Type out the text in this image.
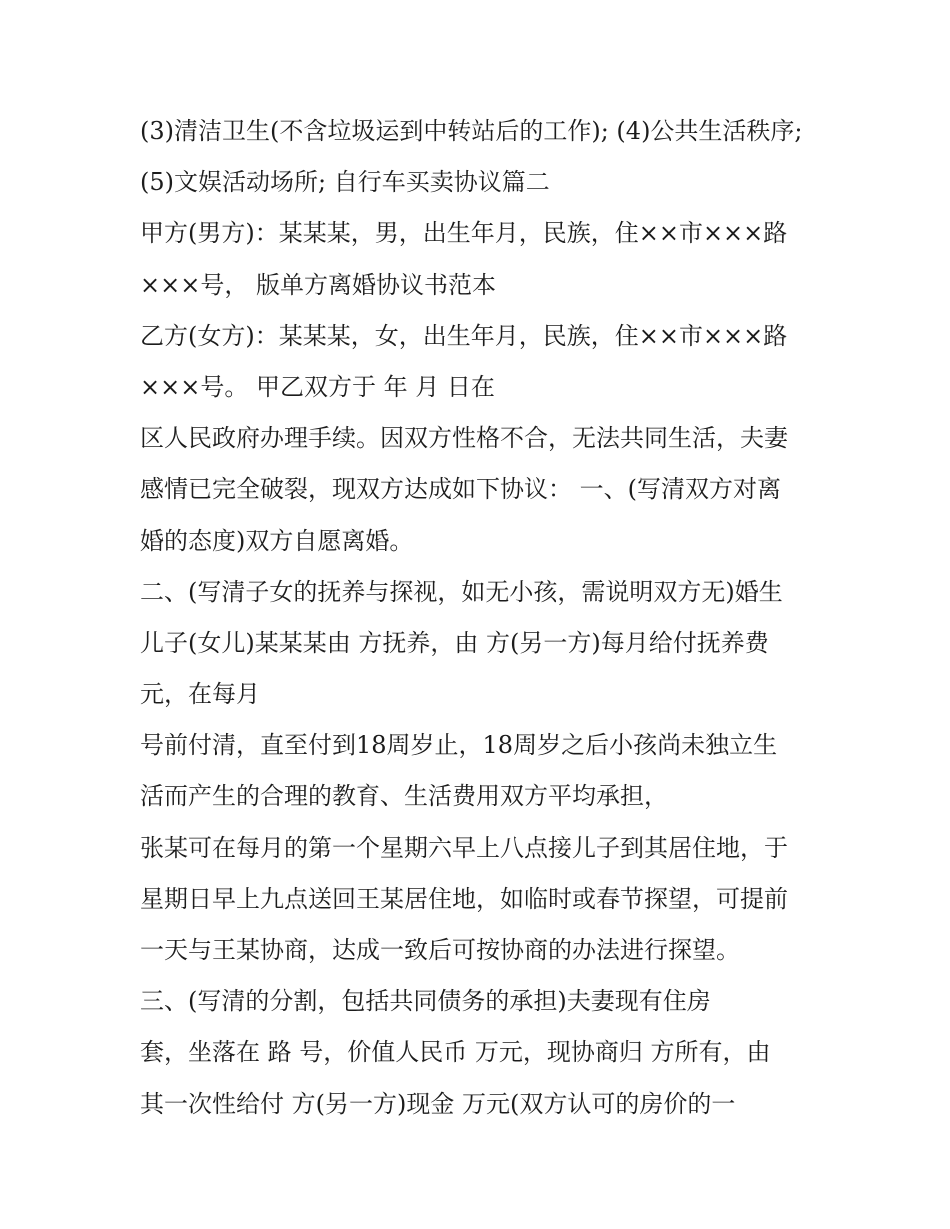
(3)清洁卫生(不含垃圾运到中转站后的工作); (4)公共生活秩序;
(5)文娱活动场所; 自行车买卖协议篇二
甲方(男方)：某某某，男，出生年月，民族，住××市×××路
×××号， 版单方离婚协议书范本
乙方(女方)：某某某，女，出生年月，民族，住××市×××路
×××号。 甲乙双方于 年 月 日在
区人民政府办理手续。因双方性格不合，无法共同生活，夫妻
感情已完全破裂，现双方达成如下协议： 一、(写清双方对离
婚的态度)双方自愿离婚。
二、(写清子女的抚养与探视，如无小孩，需说明双方无)婚生
儿子(女儿)某某某由 方抚养，由 方(另一方)每月给付抚养费
元，在每月
号前付清，直至付到18周岁止，18周岁之后小孩尚未独立生
活而产生的合理的教育、生活费用双方平均承担，
张某可在每月的第一个星期六早上八点接儿子到其居住地，于
星期日早上九点送回王某居住地，如临时或春节探望，可提前
一天与王某协商，达成一致后可按协商的办法进行探望。
三、(写清的分割，包括共同债务的承担)夫妻现有住房
套，坐落在 路 号，价值人民币 万元，现协商归 方所有，由
其一次性给付 方(另一方)现金 万元(双方认可的房价的一
